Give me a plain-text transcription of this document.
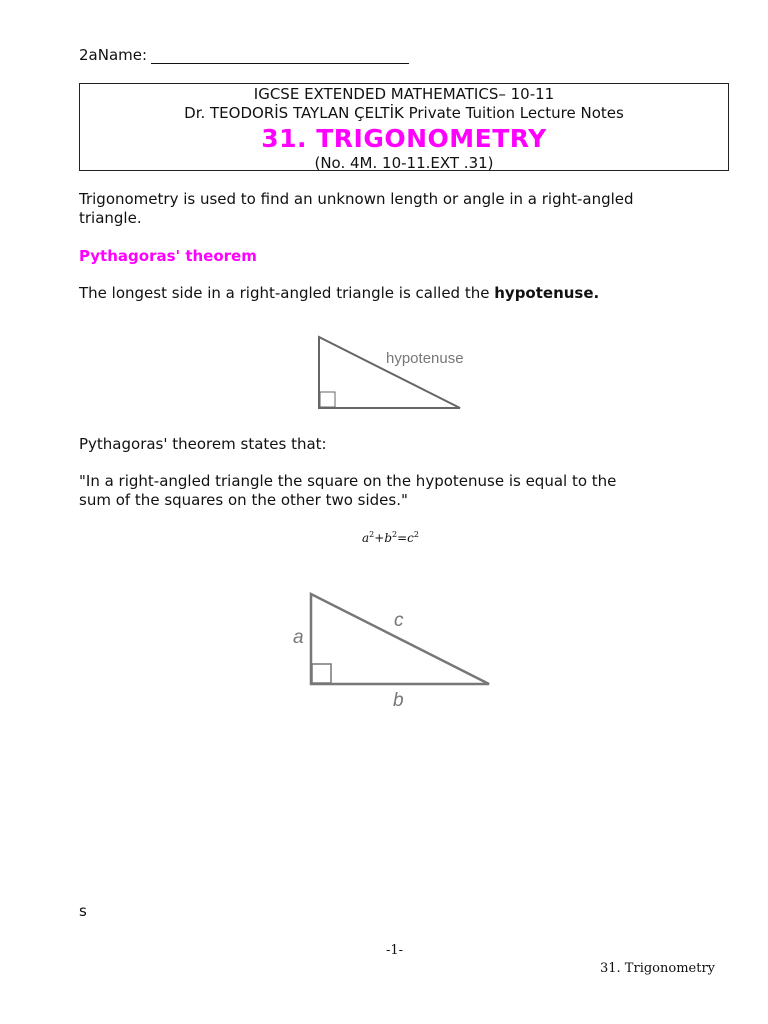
2aName:
IGCSE EXTENDED MATHEMATICS– 10-11
Dr. TEODORİS TAYLAN ÇELTİK Private Tuition Lecture Notes
31. TRIGONOMETRY
(No. 4M. 10-11.EXT .31)
Trigonometry is used to find an unknown length or angle in a right-angled triangle.
Pythagoras' theorem
The longest side in a right-angled triangle is called the hypotenuse.
hypotenuse
Pythagoras' theorem states that:
"In a right-angled triangle the square on the hypotenuse is equal to the sum of the squares on the other two sides."
$a^2+b^2=c^2$
a
c
b
s
-1-
31. Trigonometry
